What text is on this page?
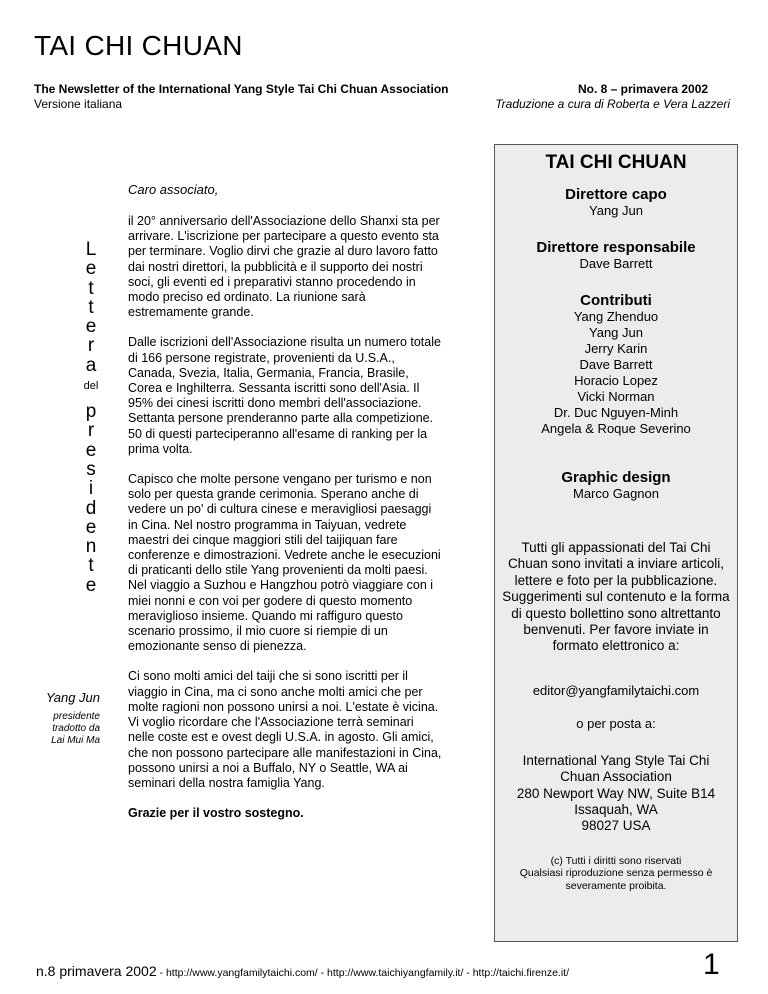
TAI CHI CHUAN
The Newsletter of the International Yang Style Tai Chi Chuan Association	No. 8 – primavera 2002
Versione italiana	Traduzione a cura di Roberta e Vera Lazzeri
Caro associato,
L
e
t
t
e
r
a
del
p
r
e
s
i
d
e
n
t
e
Yang Jun
presidente
tradotto da
Lai Mui Ma

il 20° anniversario dell'Associazione dello Shanxi sta per arrivare. L'iscrizione per partecipare a questo evento sta per terminare. Voglio dirvi che grazie al duro lavoro fatto dai nostri direttori, la pubblicità e il supporto dei nostri soci, gli eventi ed i preparativi stanno procedendo in modo preciso ed ordinato. La riunione sarà estremamente grande.

Dalle iscrizioni dell'Associazione risulta un numero totale di 166 persone registrate, provenienti da U.S.A., Canada, Svezia, Italia, Germania, Francia, Brasile, Corea e Inghilterra. Sessanta iscritti sono dell'Asia. Il 95% dei cinesi iscritti dono membri dell'associazione. Settanta persone prenderanno parte alla competizione. 50 di questi parteciperanno all'esame di ranking per la prima volta.

Capisco che molte persone vengano per turismo e non solo per questa grande cerimonia. Sperano anche di vedere un po' di cultura cinese e meravigliosi paesaggi in Cina. Nel nostro programma in Taiyuan, vedrete maestri dei cinque maggiori stili del taijiquan fare conferenze e dimostrazioni. Vedrete anche le esecuzioni di praticanti dello stile Yang provenienti da molti paesi. Nel viaggio a Suzhou e Hangzhou potrò viaggiare con i miei nonni e con voi per godere di questo momento meraviglioso insieme. Quando mi raffiguro questo scenario prossimo, il mio cuore si riempie di un emozionante senso di pienezza.

Ci sono molti amici del taiji che si sono iscritti per il viaggio in Cina, ma ci sono anche molti amici che per molte ragioni non possono unirsi a noi. L'estate è vicina. Vi voglio ricordare che l'Associazione terrà seminari nelle coste est e ovest degli U.S.A. in agosto. Gli amici, che non possono partecipare alle manifestazioni in Cina, possono unirsi a noi a Buffalo, NY o Seattle, WA ai seminari della nostra famiglia Yang.

Grazie per il vostro sostegno.

TAI CHI CHUAN
Direttore capo
Yang Jun
Direttore responsabile
Dave Barrett
Contributi
Yang Zhenduo
Yang Jun
Jerry Karin
Dave Barrett
Horacio Lopez
Vicki Norman
Dr. Duc Nguyen-Minh
Angela & Roque Severino
Graphic design
Marco Gagnon
Tutti gli appassionati del Tai Chi Chuan sono invitati a inviare articoli, lettere e foto per la pubblicazione. Suggerimenti sul contenuto e la forma di questo bollettino sono altrettanto benvenuti. Per favore inviate in formato elettronico a:
editor@yangfamilytaichi.com
o per posta a:
International Yang Style Tai Chi
Chuan Association
280 Newport Way NW, Suite B14
Issaquah, WA
98027 USA
(c) Tutti i diritti sono riservati
Qualsiasi riproduzione senza permesso è
severamente proibita.
n.8 primavera 2002 - http://www.yangfamilytaichi.com/ - http://www.taichiyangfamily.it/ - http://taichi.firenze.it/	1
